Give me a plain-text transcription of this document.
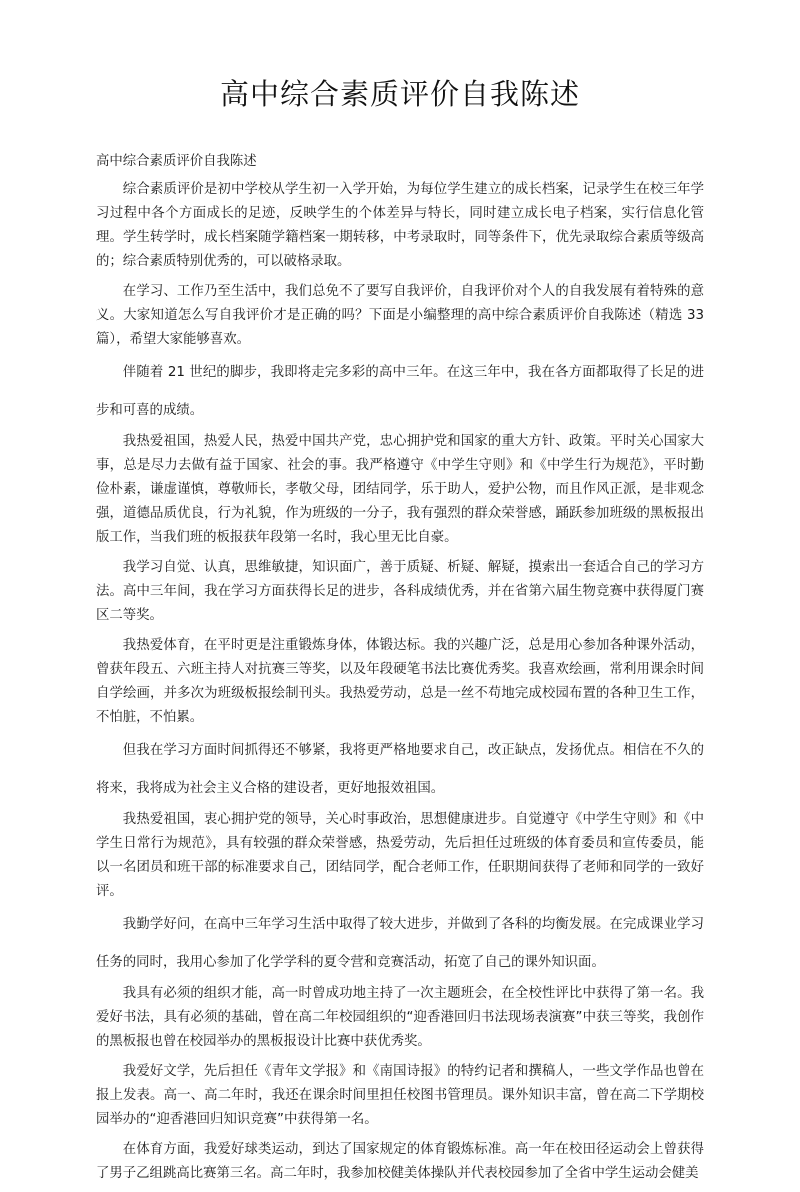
高中综合素质评价自我陈述

高中综合素质评价自我陈述

综合素质评价是初中学校从学生初一入学开始，为每位学生建立的成长档案，记录学生在校三年学习过程中各个方面成长的足迹，反映学生的个体差异与特长，同时建立成长电子档案，实行信息化管理。学生转学时，成长档案随学籍档案一期转移，中考录取时，同等条件下，优先录取综合素质等级高的；综合素质特别优秀的，可以破格录取。

在学习、工作乃至生活中，我们总免不了要写自我评价，自我评价对个人的自我发展有着特殊的意义。大家知道怎么写自我评价才是正确的吗？下面是小编整理的高中综合素质评价自我陈述（精选 33 篇），希望大家能够喜欢。

伴随着 21 世纪的脚步，我即将走完多彩的高中三年。在这三年中，我在各方面都取得了长足的进步和可喜的成绩。

我热爱祖国，热爱人民，热爱中国共产党，忠心拥护党和国家的重大方针、政策。平时关心国家大事，总是尽力去做有益于国家、社会的事。我严格遵守《中学生守则》和《中学生行为规范》，平时勤俭朴素，谦虚谨慎，尊敬师长，孝敬父母，团结同学，乐于助人，爱护公物，而且作风正派，是非观念强，道德品质优良，行为礼貌，作为班级的一分子，我有强烈的群众荣誉感，踊跃参加班级的黑板报出版工作，当我们班的板报获年段第一名时，我心里无比自豪。

我学习自觉、认真，思维敏捷，知识面广，善于质疑、析疑、解疑，摸索出一套适合自己的学习方法。高中三年间，我在学习方面获得长足的进步，各科成绩优秀，并在省第六届生物竞赛中获得厦门赛区二等奖。

我热爱体育，在平时更是注重锻炼身体，体锻达标。我的兴趣广泛，总是用心参加各种课外活动，曾获年段五、六班主持人对抗赛三等奖，以及年段硬笔书法比赛优秀奖。我喜欢绘画，常利用课余时间自学绘画，并多次为班级板报绘制刊头。我热爱劳动，总是一丝不苟地完成校园布置的各种卫生工作，不怕脏，不怕累。

但我在学习方面时间抓得还不够紧，我将更严格地要求自己，改正缺点，发扬优点。相信在不久的将来，我将成为社会主义合格的建设者，更好地报效祖国。

我热爱祖国，衷心拥护党的领导，关心时事政治，思想健康进步。自觉遵守《中学生守则》和《中学生日常行为规范》，具有较强的群众荣誉感，热爱劳动，先后担任过班级的体育委员和宣传委员，能以一名团员和班干部的标准要求自己，团结同学，配合老师工作，任职期间获得了老师和同学的一致好评。

我勤学好问，在高中三年学习生活中取得了较大进步，并做到了各科的均衡发展。在完成课业学习任务的同时，我用心参加了化学学科的夏令营和竞赛活动，拓宽了自己的课外知识面。

我具有必须的组织才能，高一时曾成功地主持了一次主题班会，在全校性评比中获得了第一名。我爱好书法，具有必须的基础，曾在高二年校园组织的“迎香港回归书法现场表演赛”中获三等奖，我创作的黑板报也曾在校园举办的黑板报设计比赛中获优秀奖。

我爱好文学，先后担任《青年文学报》和《南国诗报》的特约记者和撰稿人，一些文学作品也曾在报上发表。高一、高二年时，我还在课余时间里担任校图书管理员。课外知识丰富，曾在高二下学期校园举办的“迎香港回归知识竞赛”中获得第一名。

在体育方面，我爱好球类运动，到达了国家规定的体育锻炼标准。高一年在校田径运动会上曾获得了男子乙组跳高比赛第三名。高二年时，我参加校健美体操队并代表校园参加了全省中学生运动会健美
